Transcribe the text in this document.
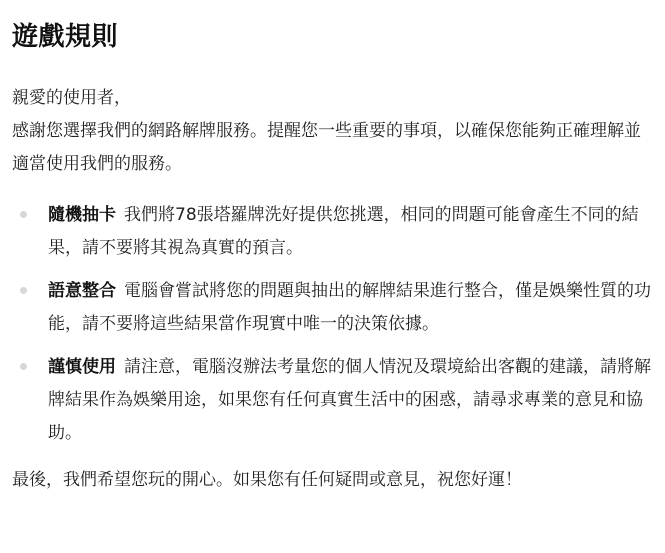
遊戲規則

親愛的使用者，

感謝您選擇我們的網路解牌服務。提醒您一些重要的事項，以確保您能夠正確理解並適當使用我們的服務。

隨機抽卡 我們將78張塔羅牌洗好提供您挑選，相同的問題可能會產生不同的結果，請不要將其視為真實的預言。
語意整合 電腦會嘗試將您的問題與抽出的解牌結果進行整合，僅是娛樂性質的功能，請不要將這些結果當作現實中唯一的決策依據。
謹慎使用 請注意，電腦沒辦法考量您的個人情況及環境給出客觀的建議，請將解牌結果作為娛樂用途，如果您有任何真實生活中的困惑，請尋求專業的意見和協助。

最後，我們希望您玩的開心。如果您有任何疑問或意見，祝您好運！
